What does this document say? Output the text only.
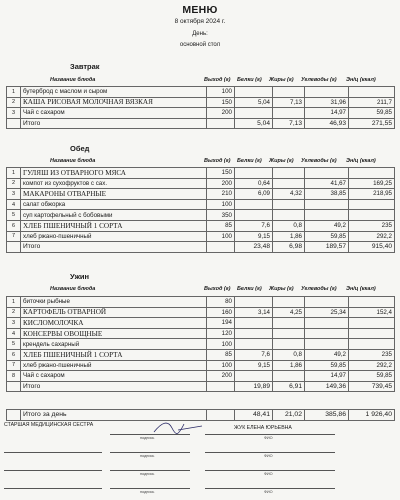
МЕНЮ
8 октября 2024 г.
День:
основной стол
Завтрак
Название блюда	Выход (г) Белки (г) Жиры (г) Углеводы (г) Эн/ц (ккал)
1	бутерброд с маслом и сыром	100				
2	КАША РИСОВАЯ МОЛОЧНАЯ ВЯЗКАЯ	150	5,04	7,13	31,96	211,7
3	Чай с сахаром	200			14,97	59,85
	Итого		5,04	7,13	46,93	271,55
Обед
Название блюда	Выход (г) Белки (г) Жиры (г) Углеводы (г) Эн/ц (ккал)
1	ГУЛЯШ ИЗ ОТВАРНОГО МЯСА	150				
2	компот из сухофруктов с сах.	200	0,64		41,67	169,25
3	МАКАРОНЫ ОТВАРНЫЕ	210	6,09	4,32	38,85	218,95
4	салат обжорка	100				
5	суп картофельный с бобовыми	350				
6	ХЛЕБ ПШЕНИЧНЫЙ 1 СОРТА	85	7,6	0,8	49,2	235
7	хлеб ржано-пшеничный	100	9,15	1,86	59,85	292,2
	Итого		23,48	6,98	189,57	915,40
Ужин
Название блюда	Выход (г) Белки (г) Жиры (г) Углеводы (г) Эн/ц (ккал)
1	биточки рыбные	80				
2	КАРТОФЕЛЬ ОТВАРНОЙ	160	3,14	4,25	25,34	152,4
3	КИСЛОМОЛОЧКА	194				
4	КОНСЕРВЫ ОВОЩНЫЕ	120				
5	крендель сахарный	100				
6	ХЛЕБ ПШЕНИЧНЫЙ 1 СОРТА	85	7,6	0,8	49,2	235
7	хлеб ржано-пшеничный	100	9,15	1,86	59,85	292,2
8	Чай с сахаром	200			14,97	59,85
	Итого		19,89	6,91	149,36	739,45
	Итого за день		48,41	21,02	385,86	1 926,40
СТАРШАЯ МЕДИЦИНСКАЯ СЕСТРА	ЖУК ЕЛЕНА ЮРЬЕВНА
подпись	ФИО
подпись	ФИО
подпись	ФИО
подпись	ФИО
